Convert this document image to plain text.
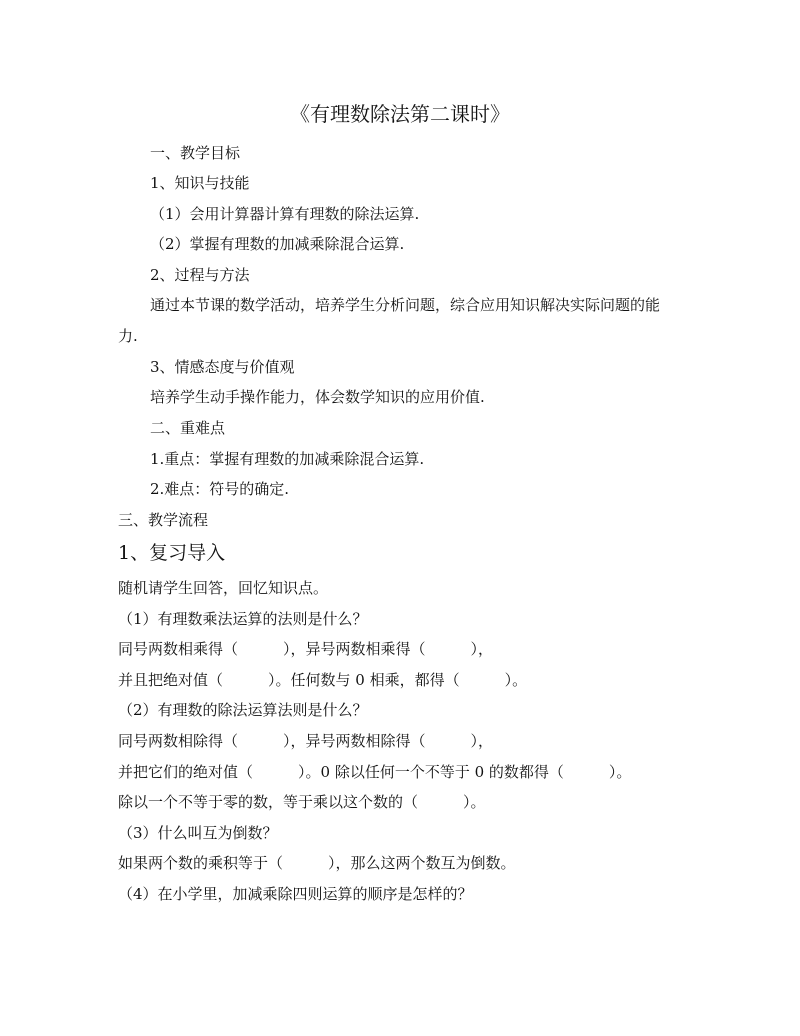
《有理数除法第二课时》
一、教学目标
1、知识与技能
（1）会用计算器计算有理数的除法运算.
（2）掌握有理数的加减乘除混合运算.
2、过程与方法
通过本节课的数学活动，培养学生分析问题，综合应用知识解决实际问题的能
力.
3、情感态度与价值观
培养学生动手操作能力，体会数学知识的应用价值.
二、重难点
1.重点：掌握有理数的加减乘除混合运算.
2.难点：符号的确定.
三、教学流程
1、复习导入
随机请学生回答，回忆知识点。
（1）有理数乘法运算的法则是什么？
同号两数相乘得（　　　），异号两数相乘得（　　　），
并且把绝对值（　　　）。任何数与 0 相乘，都得（　　　）。
（2）有理数的除法运算法则是什么？
同号两数相除得（　　　），异号两数相除得（　　　），
并把它们的绝对值（　　　）。0 除以任何一个不等于 0 的数都得（　　　）。
除以一个不等于零的数，等于乘以这个数的（　　　）。
（3）什么叫互为倒数？
如果两个数的乘积等于（　　　），那么这两个数互为倒数。
（4）在小学里，加减乘除四则运算的顺序是怎样的？
